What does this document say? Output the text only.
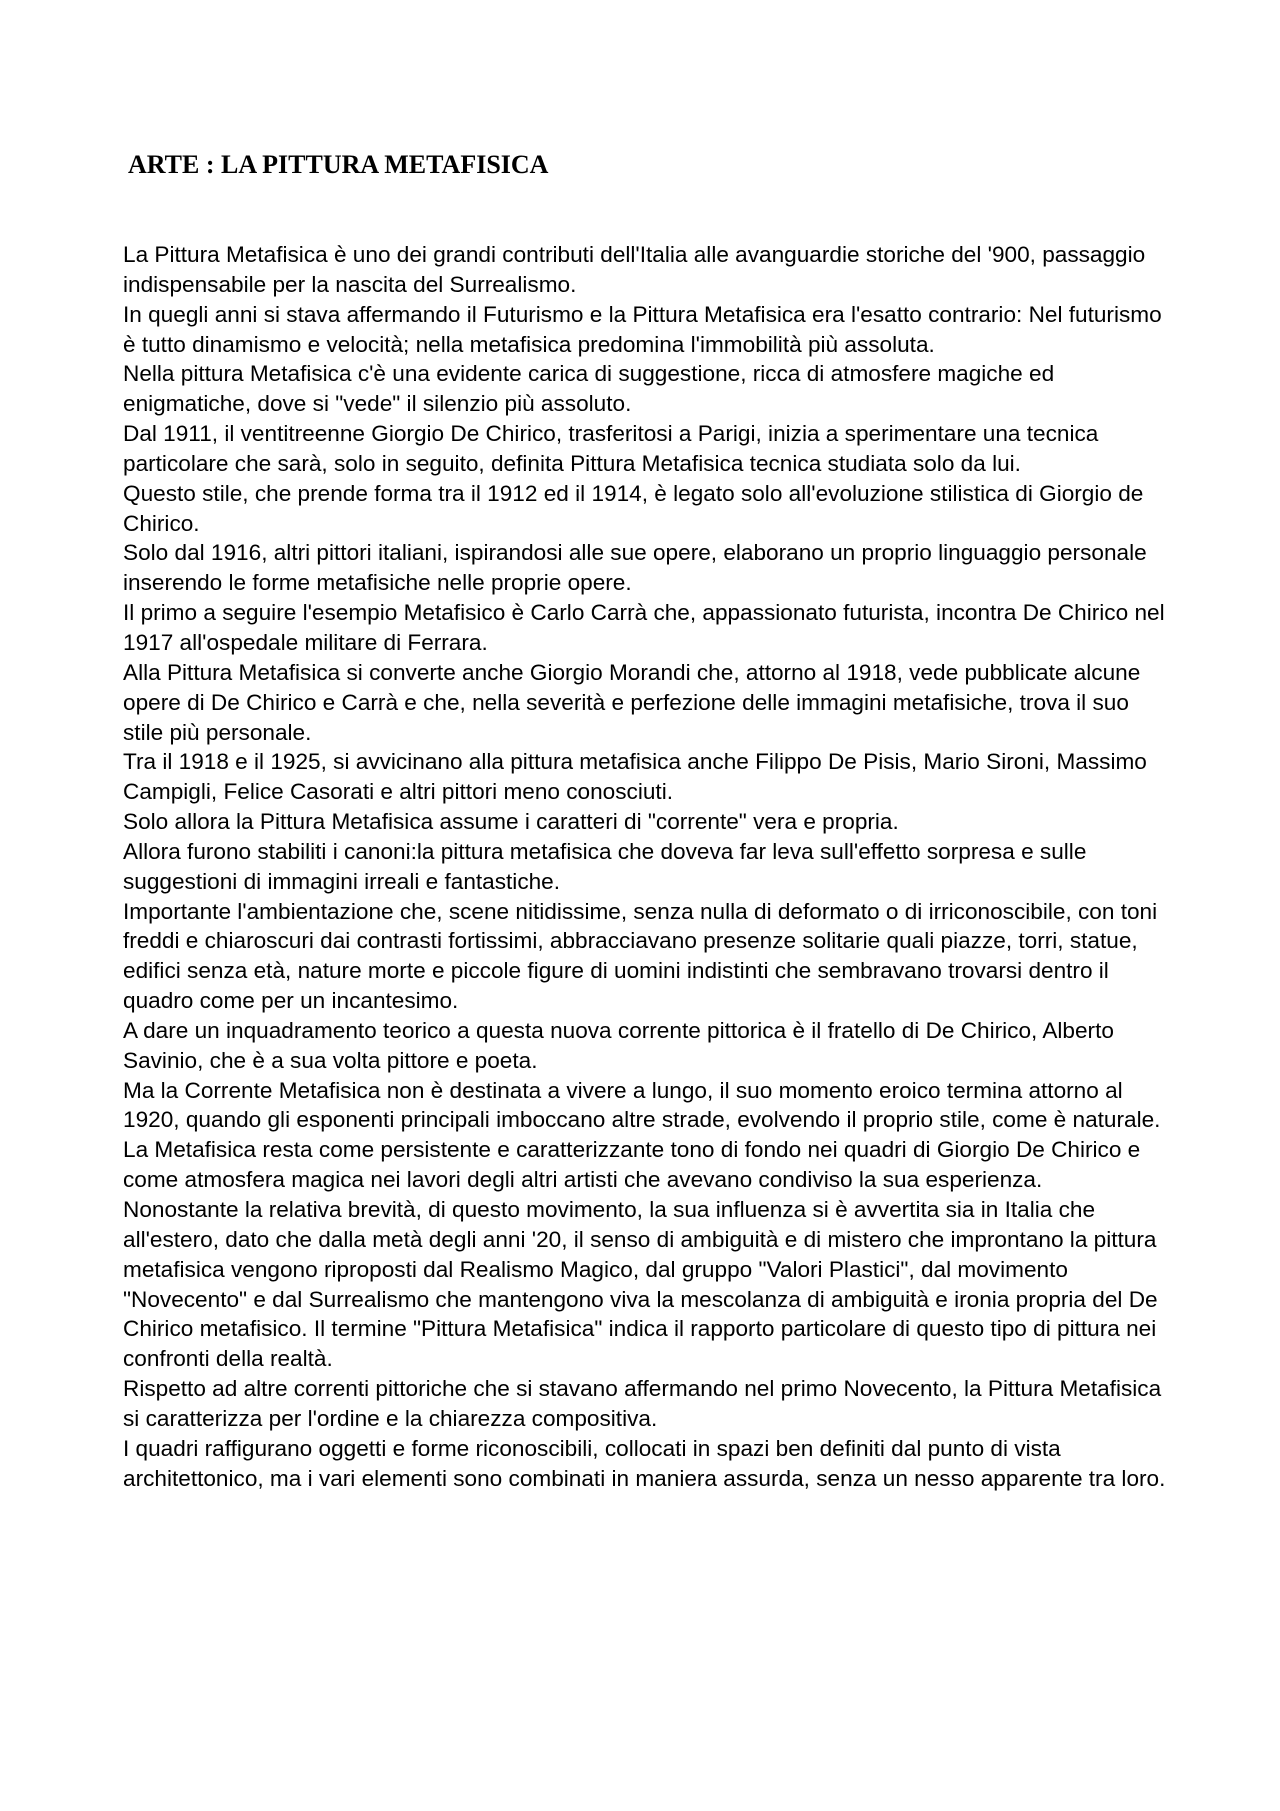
ARTE : LA PITTURA METAFISICA
La Pittura Metafisica è uno dei grandi contributi dell'Italia alle avanguardie storiche del '900, passaggio indispensabile per la nascita del Surrealismo.
In quegli anni si stava affermando il Futurismo e la Pittura Metafisica era l'esatto contrario: Nel futurismo è tutto dinamismo e velocità; nella metafisica predomina l'immobilità più assoluta.
Nella pittura Metafisica c'è una evidente carica di suggestione, ricca di atmosfere magiche ed enigmatiche, dove si "vede" il silenzio più assoluto.
Dal 1911, il ventitreenne Giorgio De Chirico, trasferitosi a Parigi, inizia a sperimentare una tecnica particolare che sarà, solo in seguito, definita Pittura Metafisica tecnica studiata solo da lui.
Questo stile, che prende forma tra il 1912 ed il 1914, è legato solo all'evoluzione stilistica di Giorgio de Chirico.
Solo dal 1916, altri pittori italiani, ispirandosi alle sue opere, elaborano un proprio linguaggio personale inserendo le forme metafisiche nelle proprie opere.
Il primo a seguire l'esempio Metafisico è Carlo Carrà che, appassionato futurista, incontra De Chirico nel 1917 all'ospedale militare di Ferrara.
Alla Pittura Metafisica si converte anche Giorgio Morandi che, attorno al 1918, vede pubblicate alcune opere di De Chirico e Carrà e che, nella severità e perfezione delle immagini metafisiche, trova il suo stile più personale.
Tra il 1918 e il 1925, si avvicinano alla pittura metafisica anche Filippo De Pisis, Mario Sironi, Massimo Campigli, Felice Casorati e altri pittori meno conosciuti.
Solo allora la Pittura Metafisica assume i caratteri di "corrente" vera e propria.
Allora furono stabiliti i canoni:la pittura metafisica che doveva far leva sull'effetto sorpresa e sulle suggestioni di immagini irreali e fantastiche.
Importante l'ambientazione che, scene nitidissime, senza nulla di deformato o di irriconoscibile, con toni freddi e chiaroscuri dai contrasti fortissimi, abbracciavano presenze solitarie quali piazze, torri, statue, edifici senza età, nature morte e piccole figure di uomini indistinti che sembravano trovarsi dentro il quadro come per un incantesimo.
A dare un inquadramento teorico a questa nuova corrente pittorica è il fratello di De Chirico, Alberto Savinio, che è a sua volta pittore e poeta.
Ma la Corrente Metafisica non è destinata a vivere a lungo, il suo momento eroico termina attorno al 1920, quando gli esponenti principali imboccano altre strade, evolvendo il proprio stile, come è naturale.
La Metafisica resta come persistente e caratterizzante tono di fondo nei quadri di Giorgio De Chirico e come atmosfera magica nei lavori degli altri artisti che avevano condiviso la sua esperienza.
Nonostante la relativa brevità, di questo movimento, la sua influenza si è avvertita sia in Italia che all'estero, dato che dalla metà degli anni '20, il senso di ambiguità e di mistero che improntano la pittura metafisica vengono riproposti dal Realismo Magico, dal gruppo "Valori Plastici", dal movimento "Novecento" e dal Surrealismo che mantengono viva la mescolanza di ambiguità e ironia propria del De Chirico metafisico. Il termine "Pittura Metafisica" indica il rapporto particolare di questo tipo di pittura nei confronti della realtà.
Rispetto ad altre correnti pittoriche che si stavano affermando nel primo Novecento, la Pittura Metafisica si caratterizza per l'ordine e la chiarezza compositiva.
I quadri raffigurano oggetti e forme riconoscibili, collocati in spazi ben definiti dal punto di vista architettonico, ma i vari elementi sono combinati in maniera assurda, senza un nesso apparente tra loro.
